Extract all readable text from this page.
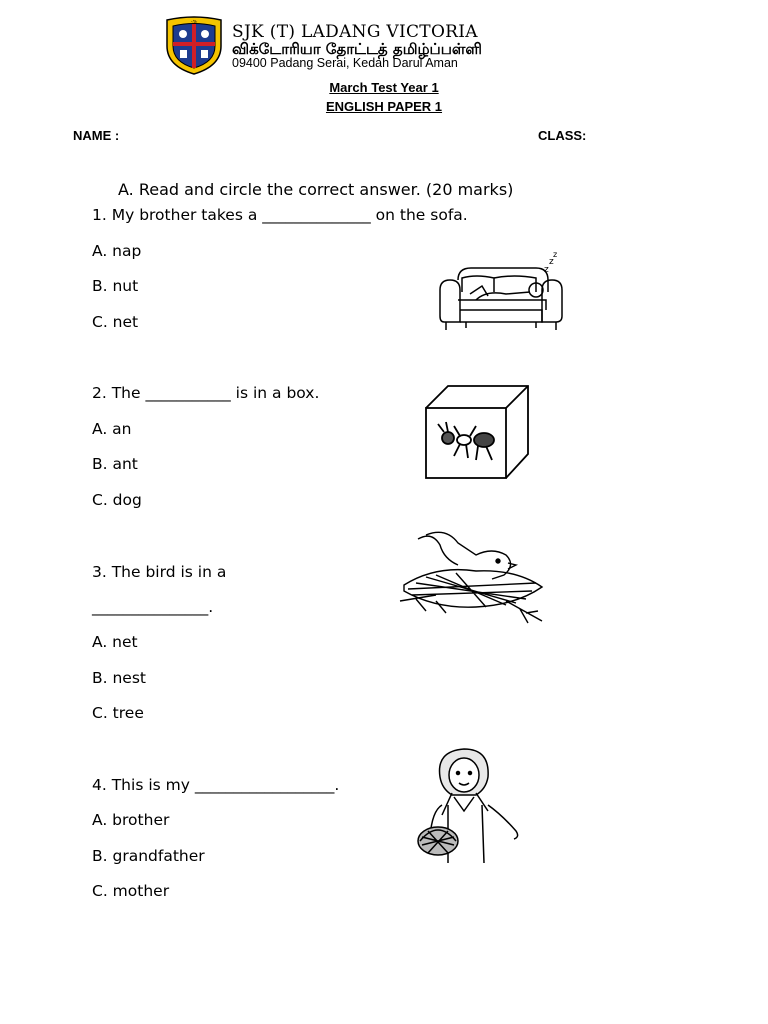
ஆ
SJK (T) LADANG VICTORIA
விக்டோரியா தோட்டத் தமிழ்ப்பள்ளி
09400 Padang Serai, Kedah Darul Aman
March Test Year 1
ENGLISH PAPER 1
NAME :	CLASS:
A. Read and circle the correct answer. (20 marks)
1. My brother takes a ______________ on the sofa.
A. nap
B. nut
C. net
z
z
z
2. The ___________ is in a box.
A. an
B. ant
C. dog
3. The bird is in a
_______________.
A. net
B. nest
C. tree
4. This is my __________________.
A. brother
B. grandfather
C. mother
